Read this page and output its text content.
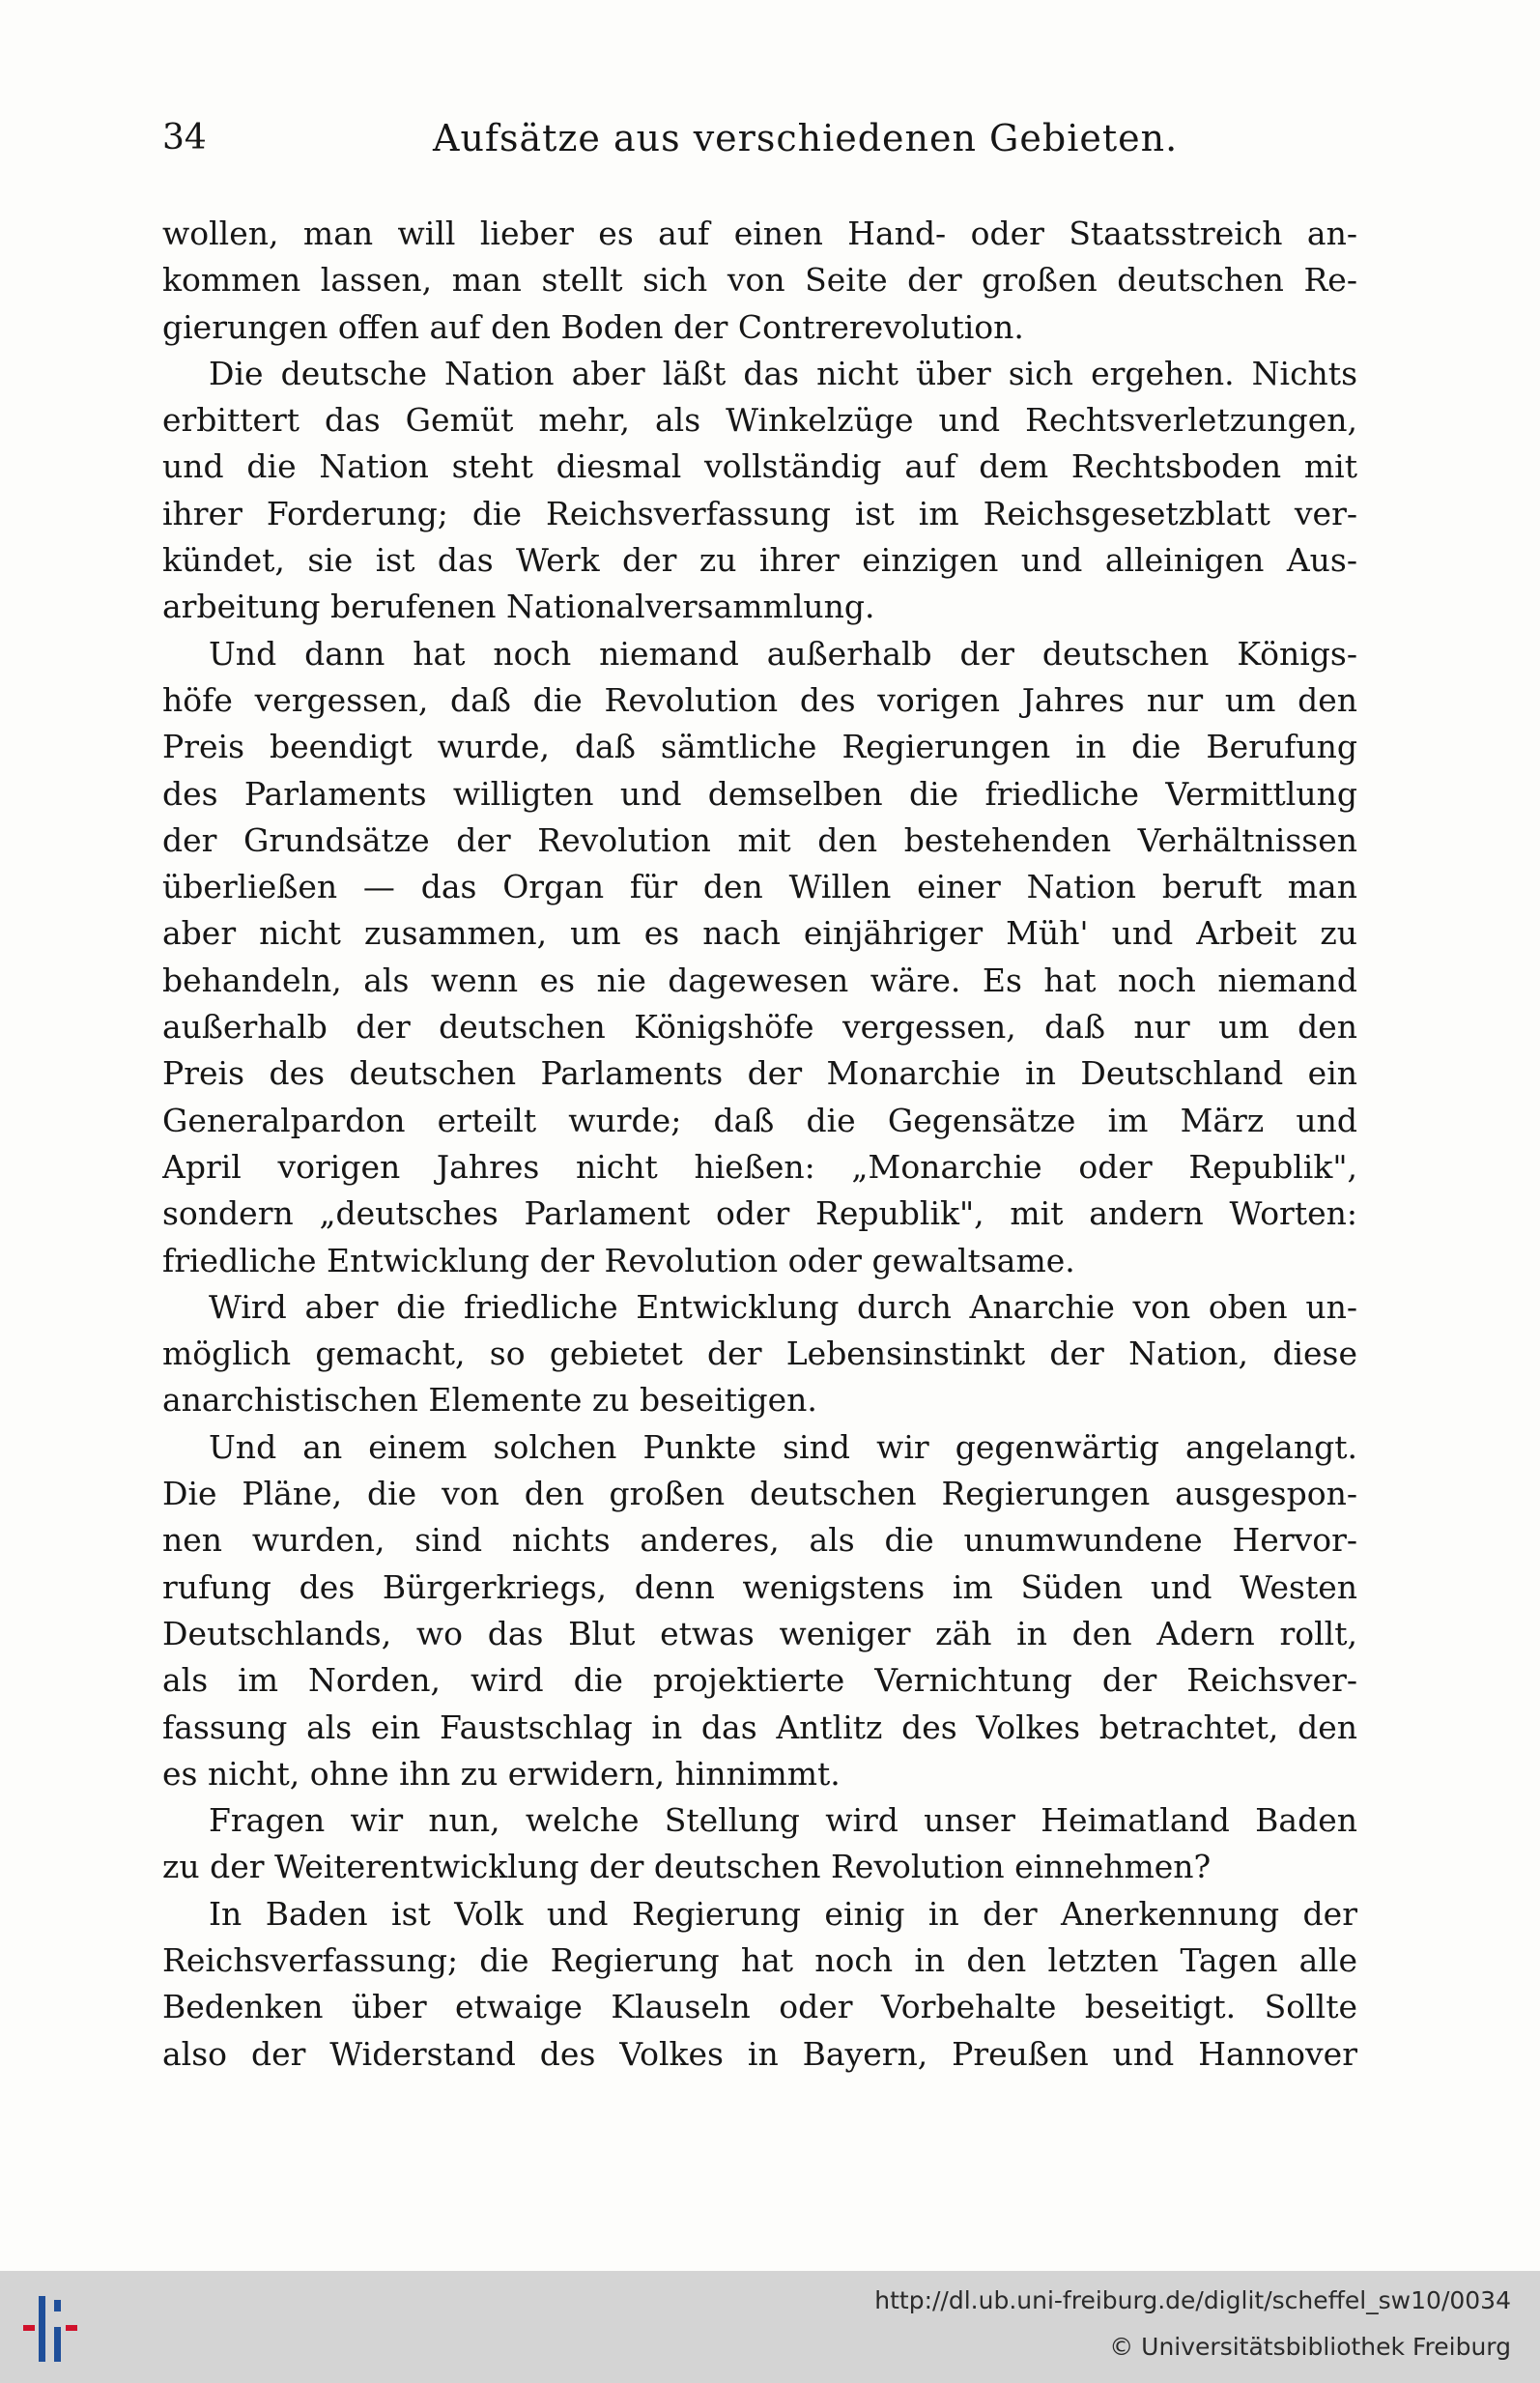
34	Aufsätze aus verschiedenen Gebieten.
wollen, man will lieber es auf einen Hand- oder Staatsstreich an-
kommen lassen, man stellt sich von Seite der großen deutschen Re-
gierungen offen auf den Boden der Contrerevolution.
Die deutsche Nation aber läßt das nicht über sich ergehen. Nichts
erbittert das Gemüt mehr, als Winkelzüge und Rechtsverletzungen,
und die Nation steht diesmal vollständig auf dem Rechtsboden mit
ihrer Forderung; die Reichsverfassung ist im Reichsgesetzblatt ver-
kündet, sie ist das Werk der zu ihrer einzigen und alleinigen Aus-
arbeitung berufenen Nationalversammlung.
Und dann hat noch niemand außerhalb der deutschen Königs-
höfe vergessen, daß die Revolution des vorigen Jahres nur um den
Preis beendigt wurde, daß sämtliche Regierungen in die Berufung
des Parlaments willigten und demselben die friedliche Vermittlung
der Grundsätze der Revolution mit den bestehenden Verhältnissen
überließen — das Organ für den Willen einer Nation beruft man
aber nicht zusammen, um es nach einjähriger Müh' und Arbeit zu
behandeln, als wenn es nie dagewesen wäre. Es hat noch niemand
außerhalb der deutschen Königshöfe vergessen, daß nur um den
Preis des deutschen Parlaments der Monarchie in Deutschland ein
Generalpardon erteilt wurde; daß die Gegensätze im März und
April vorigen Jahres nicht hießen: „Monarchie oder Republik",
sondern „deutsches Parlament oder Republik", mit andern Worten:
friedliche Entwicklung der Revolution oder gewaltsame.
Wird aber die friedliche Entwicklung durch Anarchie von oben un-
möglich gemacht, so gebietet der Lebensinstinkt der Nation, diese
anarchistischen Elemente zu beseitigen.
Und an einem solchen Punkte sind wir gegenwärtig angelangt.
Die Pläne, die von den großen deutschen Regierungen ausgespon-
nen wurden, sind nichts anderes, als die unumwundene Hervor-
rufung des Bürgerkriegs, denn wenigstens im Süden und Westen
Deutschlands, wo das Blut etwas weniger zäh in den Adern rollt,
als im Norden, wird die projektierte Vernichtung der Reichsver-
fassung als ein Faustschlag in das Antlitz des Volkes betrachtet, den
es nicht, ohne ihn zu erwidern, hinnimmt.
Fragen wir nun, welche Stellung wird unser Heimatland Baden
zu der Weiterentwicklung der deutschen Revolution einnehmen?
In Baden ist Volk und Regierung einig in der Anerkennung der
Reichsverfassung; die Regierung hat noch in den letzten Tagen alle
Bedenken über etwaige Klauseln oder Vorbehalte beseitigt. Sollte
also der Widerstand des Volkes in Bayern, Preußen und Hannover
http://dl.ub.uni-freiburg.de/diglit/scheffel_sw10/0034
© Universitätsbibliothek Freiburg
